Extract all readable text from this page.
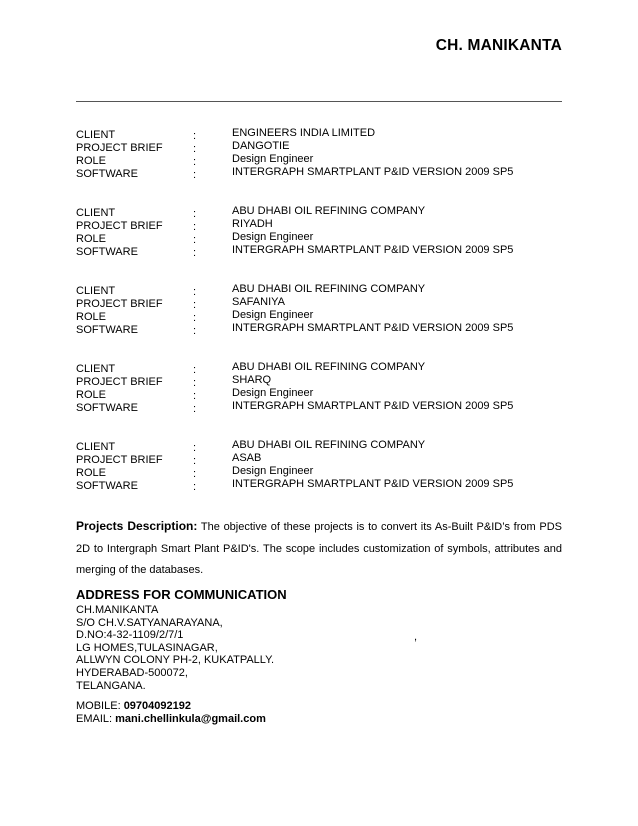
CH. MANIKANTA
CLIENT	:	ENGINEERS INDIA LIMITED
PROJECT BRIEF	:	DANGOTIE
ROLE	:	Design Engineer
SOFTWARE	:	INTERGRAPH SMARTPLANT P&ID VERSION 2009 SP5
CLIENT	:	ABU DHABI OIL REFINING COMPANY
PROJECT BRIEF	:	RIYADH
ROLE	:	Design Engineer
SOFTWARE	:	INTERGRAPH SMARTPLANT P&ID VERSION 2009 SP5
CLIENT	:	ABU DHABI OIL REFINING COMPANY
PROJECT BRIEF	:	SAFANIYA
ROLE	:	Design Engineer
SOFTWARE	:	INTERGRAPH SMARTPLANT P&ID VERSION 2009 SP5
CLIENT	:	ABU DHABI OIL REFINING COMPANY
PROJECT BRIEF	:	SHARQ
ROLE	:	Design Engineer
SOFTWARE	:	INTERGRAPH SMARTPLANT P&ID VERSION 2009 SP5
CLIENT	:	ABU DHABI OIL REFINING COMPANY
PROJECT BRIEF	:	ASAB
ROLE	:	Design Engineer
SOFTWARE	:	INTERGRAPH SMARTPLANT P&ID VERSION 2009 SP5
Projects Description: The objective of these projects is to convert its As-Built P&ID’s from PDS 2D to Intergraph Smart Plant P&ID's. The scope includes customization of symbols, attributes and merging of the databases.
ADDRESS FOR COMMUNICATION
CH.MANIKANTA
S/O CH.V.SATYANARAYANA,
D.NO:4-32-1109/2/7/1
LG HOMES,TULASINAGAR,
ALLWYN COLONY PH-2, KUKATPALLY.
HYDERABAD-500072,
TELANGANA.
,
MOBILE: 09704092192
EMAIL: mani.chellinkula@gmail.com
